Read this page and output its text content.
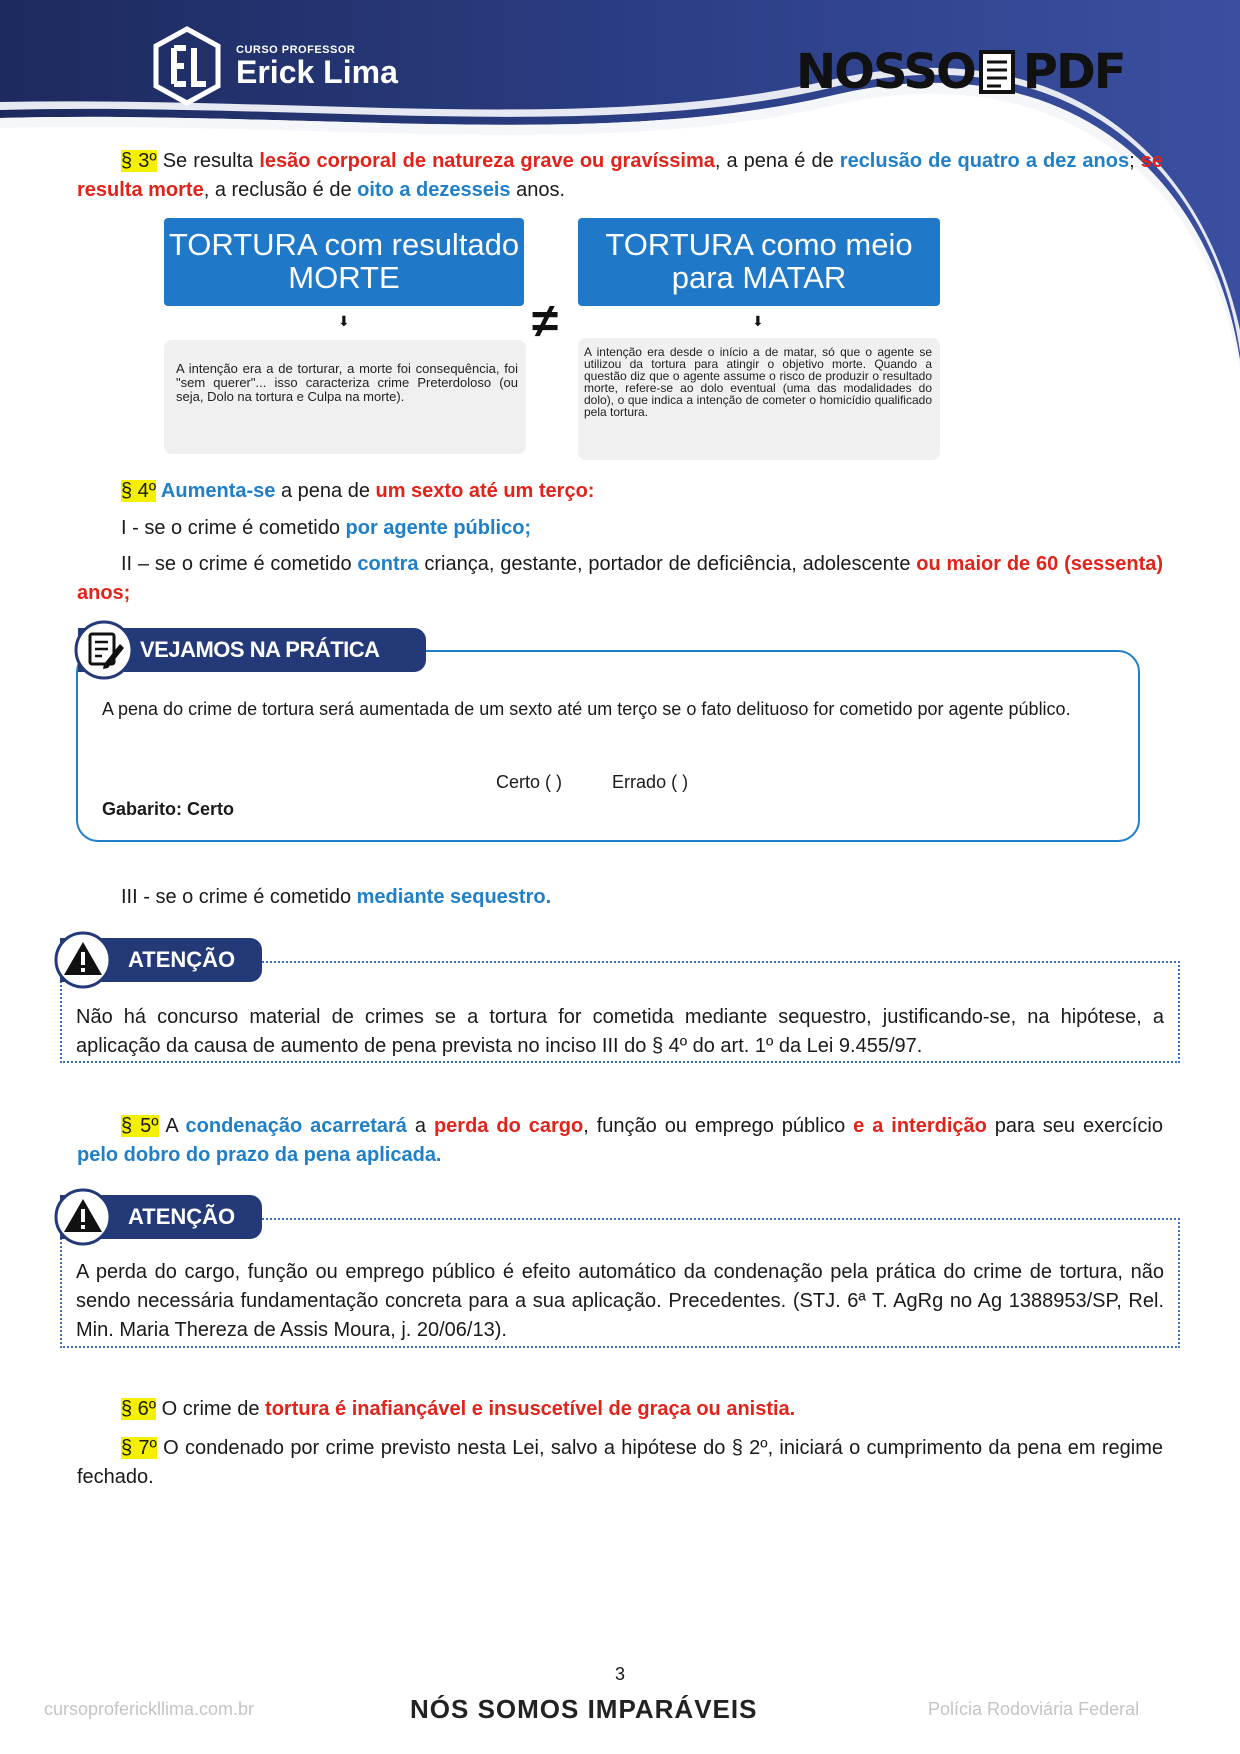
CURSO PROFESSOR
Erick Lima	NOSSO PDF
§ 3º Se resulta lesão corporal de natureza grave ou gravíssima, a pena é de reclusão de quatro a dez anos; se resulta morte, a reclusão é de oito a dezesseis anos.
TORTURA com resultado MORTE
TORTURA como meio para MATAR
⬇	⬇
≠
A intenção era a de torturar, a morte foi consequência, foi "sem querer"... isso caracteriza crime Preterdoloso (ou seja, Dolo na tortura e Culpa na morte).
A intenção era desde o início a de matar, só que o agente se utilizou da tortura para atingir o objetivo morte. Quando a questão diz que o agente assume o risco de produzir o resultado morte, refere-se ao dolo eventual (uma das modalidades do dolo), o que indica a intenção de cometer o homicídio qualificado pela tortura.
§ 4º Aumenta-se a pena de um sexto até um terço:
I - se o crime é cometido por agente público;
II – se o crime é cometido contra criança, gestante, portador de deficiência, adolescente ou maior de 60 (sessenta) anos;
VEJAMOS NA PRÁTICA
A pena do crime de tortura será aumentada de um sexto até um terço se o fato delituoso for cometido por agente público.
Certo ( )	Errado ( )
Gabarito: Certo
III - se o crime é cometido mediante sequestro.
ATENÇÃO
Não há concurso material de crimes se a tortura for cometida mediante sequestro, justificando-se, na hipótese, a aplicação da causa de aumento de pena prevista no inciso III do § 4º do art. 1º da Lei 9.455/97.
§ 5º A condenação acarretará a perda do cargo, função ou emprego público e a interdição para seu exercício pelo dobro do prazo da pena aplicada.
ATENÇÃO
A perda do cargo, função ou emprego público é efeito automático da condenação pela prática do crime de tortura, não sendo necessária fundamentação concreta para a sua aplicação. Precedentes. (STJ. 6ª T. AgRg no Ag 1388953/SP, Rel. Min. Maria Thereza de Assis Moura, j. 20/06/13).
§ 6º O crime de tortura é inafiançável e insuscetível de graça ou anistia.
§ 7º O condenado por crime previsto nesta Lei, salvo a hipótese do § 2º, iniciará o cumprimento da pena em regime fechado.
3
cursoproferickllima.com.br	NÓS SOMOS IMPARÁVEIS	Polícia Rodoviária Federal
